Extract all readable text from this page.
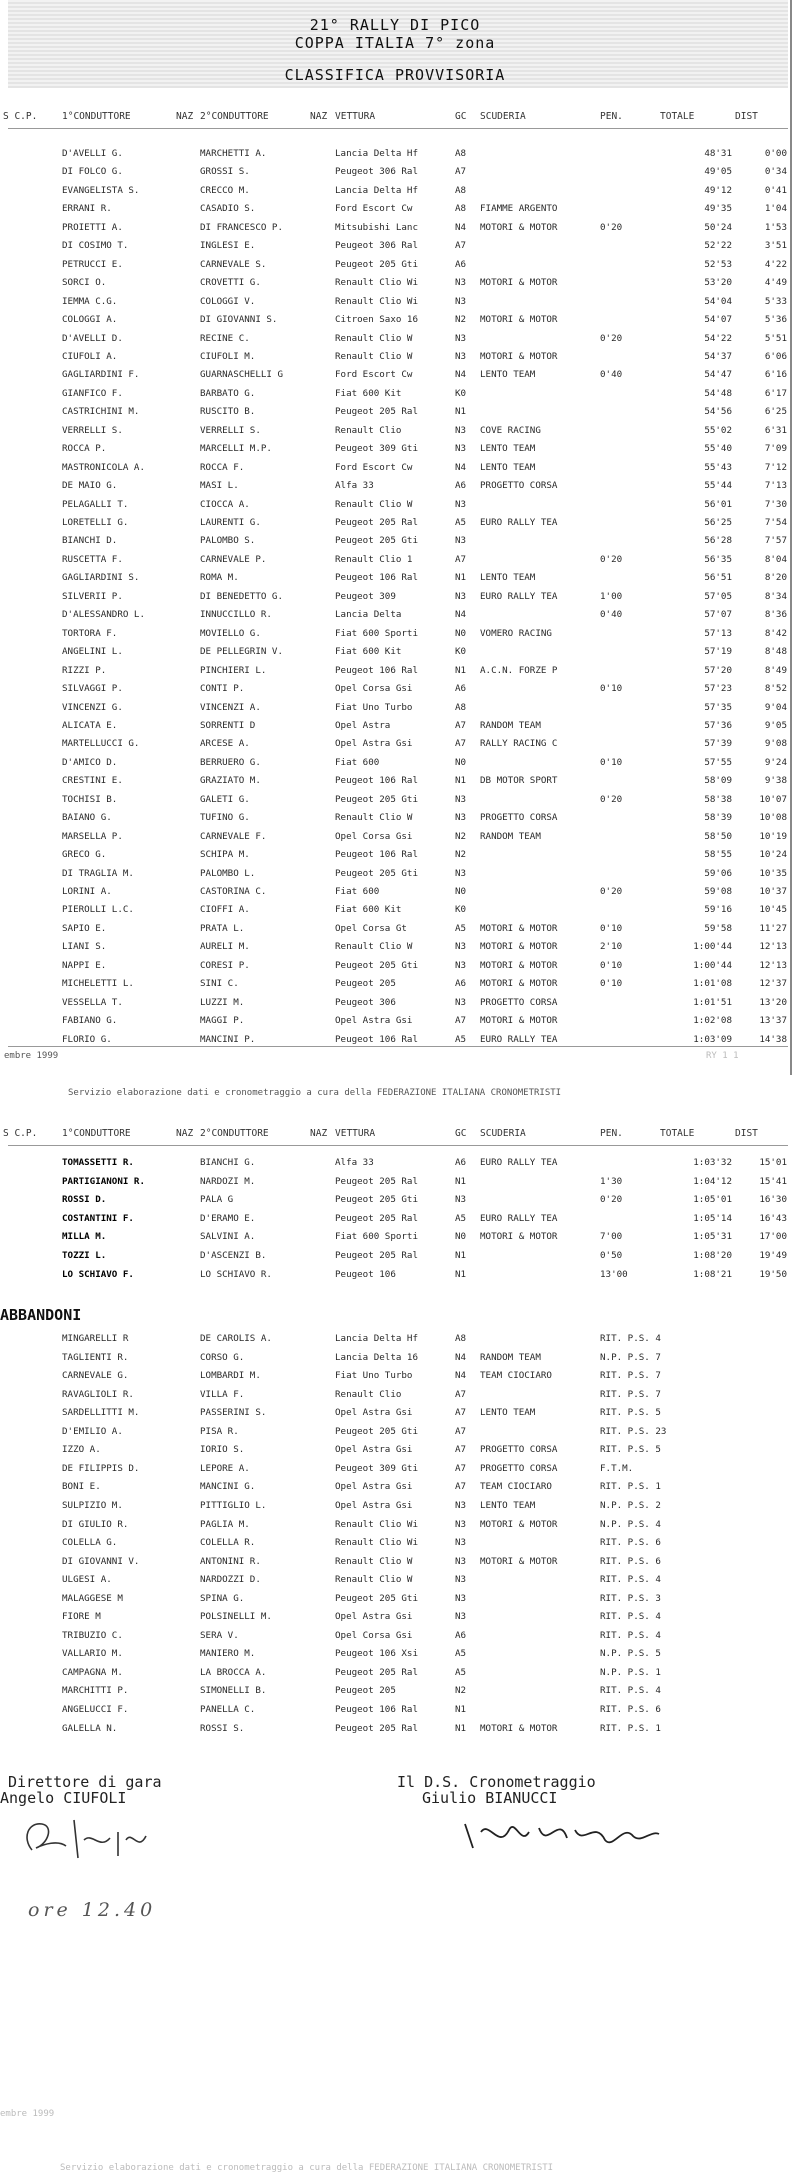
21° RALLY DI PICO
COPPA ITALIA 7° zona
CLASSIFICA PROVVISORIA
S C.P.	1°CONDUTTORE	NAZ 2°CONDUTTORE	NAZ VETTURA	GC SCUDERIA	PEN.	TOTALE	DIST
D'AVELLI G.	MARCHETTI A.	Lancia Delta Hf	A8	48'31	0'00
DI FOLCO G.	GROSSI S.	Peugeot 306 Ral	A7	49'05	0'34
EVANGELISTA S.	CRECCO M.	Lancia Delta Hf	A8	49'12	0'41
ERRANI R.	CASADIO S.	Ford Escort Cw	A8	FIAMME ARGENTO	49'35	1'04
PROIETTI A.	DI FRANCESCO P.	Mitsubishi Lanc	N4	MOTORI & MOTOR	0'20	50'24	1'53
DI COSIMO T.	INGLESI E.	Peugeot 306 Ral	A7	52'22	3'51
PETRUCCI E.	CARNEVALE S.	Peugeot 205 Gti	A6	52'53	4'22
SORCI O.	CROVETTI G.	Renault Clio Wi	N3	MOTORI & MOTOR	53'20	4'49
IEMMA C.G.	COLOGGI V.	Renault Clio Wi	N3	54'04	5'33
COLOGGI A.	DI GIOVANNI S.	Citroen Saxo 16	N2	MOTORI & MOTOR	54'07	5'36
D'AVELLI D.	RECINE C.	Renault Clio W	N3	0'20	54'22	5'51
CIUFOLI A.	CIUFOLI M.	Renault Clio W	N3	MOTORI & MOTOR	54'37	6'06
GAGLIARDINI F.	GUARNASCHELLI G	Ford Escort Cw	N4	LENTO TEAM	0'40	54'47	6'16
GIANFICO F.	BARBATO G.	Fiat 600 Kit	K0	54'48	6'17
CASTRICHINI M.	RUSCITO B.	Peugeot 205 Ral	N1	54'56	6'25
VERRELLI S.	VERRELLI S.	Renault Clio	N3	COVE RACING	55'02	6'31
ROCCA P.	MARCELLI M.P.	Peugeot 309 Gti	N3	LENTO TEAM	55'40	7'09
MASTRONICOLA A.	ROCCA F.	Ford Escort Cw	N4	LENTO TEAM	55'43	7'12
DE MAIO G.	MASI L.	Alfa 33	A6	PROGETTO CORSA	55'44	7'13
PELAGALLI T.	CIOCCA A.	Renault Clio W	N3	56'01	7'30
LORETELLI G.	LAURENTI G.	Peugeot 205 Ral	A5	EURO RALLY TEA	56'25	7'54
BIANCHI D.	PALOMBO S.	Peugeot 205 Gti	N3	56'28	7'57
RUSCETTA F.	CARNEVALE P.	Renault Clio 1	A7	0'20	56'35	8'04
GAGLIARDINI S.	ROMA M.	Peugeot 106 Ral	N1	LENTO TEAM	56'51	8'20
SILVERII P.	DI BENEDETTO G.	Peugeot 309	N3	EURO RALLY TEA	1'00	57'05	8'34
D'ALESSANDRO L.	INNUCCILLO R.	Lancia Delta	N4	0'40	57'07	8'36
TORTORA F.	MOVIELLO G.	Fiat 600 Sporti	N0	VOMERO RACING	57'13	8'42
ANGELINI L.	DE PELLEGRIN V.	Fiat 600 Kit	K0	57'19	8'48
RIZZI P.	PINCHIERI L.	Peugeot 106 Ral	N1	A.C.N. FORZE P	57'20	8'49
SILVAGGI P.	CONTI P.	Opel Corsa Gsi	A6	0'10	57'23	8'52
VINCENZI G.	VINCENZI A.	Fiat Uno Turbo	A8	57'35	9'04
ALICATA E.	SORRENTI D	Opel Astra	A7	RANDOM TEAM	57'36	9'05
MARTELLUCCI G.	ARCESE A.	Opel Astra Gsi	A7	RALLY RACING C	57'39	9'08
D'AMICO D.	BERRUERO G.	Fiat 600	N0	0'10	57'55	9'24
CRESTINI E.	GRAZIATO M.	Peugeot 106 Ral	N1	DB MOTOR SPORT	58'09	9'38
TOCHISI B.	GALETI G.	Peugeot 205 Gti	N3	0'20	58'38	10'07
BAIANO G.	TUFINO G.	Renault Clio W	N3	PROGETTO CORSA	58'39	10'08
MARSELLA P.	CARNEVALE F.	Opel Corsa Gsi	N2	RANDOM TEAM	58'50	10'19
GRECO G.	SCHIPA M.	Peugeot 106 Ral	N2	58'55	10'24
DI TRAGLIA M.	PALOMBO L.	Peugeot 205 Gti	N3	59'06	10'35
LORINI A.	CASTORINA C.	Fiat 600	N0	0'20	59'08	10'37
PIEROLLI L.C.	CIOFFI A.	Fiat 600 Kit	K0	59'16	10'45
SAPIO E.	PRATA L.	Opel Corsa Gt	A5	MOTORI & MOTOR	0'10	59'58	11'27
LIANI S.	AURELI M.	Renault Clio W	N3	MOTORI & MOTOR	2'10	1:00'44	12'13
NAPPI E.	CORESI P.	Peugeot 205 Gti	N3	MOTORI & MOTOR	0'10	1:00'44	12'13
MICHELETTI L.	SINI C.	Peugeot 205	A6	MOTORI & MOTOR	0'10	1:01'08	12'37
VESSELLA T.	LUZZI M.	Peugeot 306	N3	PROGETTO CORSA	1:01'51	13'20
FABIANO G.	MAGGI P.	Opel Astra Gsi	A7	MOTORI & MOTOR	1:02'08	13'37
FLORIO G.	MANCINI P.	Peugeot 106 Ral	A5	EURO RALLY TEA	1:03'09	14'38
embre 1999	RY 1 1
Servizio elaborazione dati e cronometraggio a cura della FEDERAZIONE ITALIANA CRONOMETRISTI
S C.P.	1°CONDUTTORE	NAZ 2°CONDUTTORE	NAZ VETTURA	GC SCUDERIA	PEN.	TOTALE	DIST
TOMASSETTI R.	BIANCHI G.	Alfa 33	A6	EURO RALLY TEA	1:03'32	15'01
PARTIGIANONI R.	NARDOZI M.	Peugeot 205 Ral	N1	1'30	1:04'12	15'41
ROSSI D.	PALA G	Peugeot 205 Gti	N3	0'20	1:05'01	16'30
COSTANTINI F.	D'ERAMO E.	Peugeot 205 Ral	A5	EURO RALLY TEA	1:05'14	16'43
MILLA M.	SALVINI A.	Fiat 600 Sporti	N0	MOTORI & MOTOR	7'00	1:05'31	17'00
TOZZI L.	D'ASCENZI B.	Peugeot 205 Ral	N1	0'50	1:08'20	19'49
LO SCHIAVO F.	LO SCHIAVO R.	Peugeot 106	N1	13'00	1:08'21	19'50
ABBANDONI
MINGARELLI R	DE CAROLIS A.	Lancia Delta Hf	A8	RIT. P.S. 4
TAGLIENTI R.	CORSO G.	Lancia Delta 16	N4	RANDOM TEAM	N.P. P.S. 7
CARNEVALE G.	LOMBARDI M.	Fiat Uno Turbo	N4	TEAM CIOCIARO	RIT. P.S. 7
RAVAGLIOLI R.	VILLA F.	Renault Clio	A7	RIT. P.S. 7
SARDELLITTI M.	PASSERINI S.	Opel Astra Gsi	A7	LENTO TEAM	RIT. P.S. 5
D'EMILIO A.	PISA R.	Peugeot 205 Gti	A7	RIT. P.S. 23
IZZO A.	IORIO S.	Opel Astra Gsi	A7	PROGETTO CORSA	RIT. P.S. 5
DE FILIPPIS D.	LEPORE A.	Peugeot 309 Gti	A7	PROGETTO CORSA	F.T.M.
BONI E.	MANCINI G.	Opel Astra Gsi	A7	TEAM CIOCIARO	RIT. P.S. 1
SULPIZIO M.	PITTIGLIO L.	Opel Astra Gsi	N3	LENTO TEAM	N.P. P.S. 2
DI GIULIO R.	PAGLIA M.	Renault Clio Wi	N3	MOTORI & MOTOR	N.P. P.S. 4
COLELLA G.	COLELLA R.	Renault Clio Wi	N3	RIT. P.S. 6
DI GIOVANNI V.	ANTONINI R.	Renault Clio W	N3	MOTORI & MOTOR	RIT. P.S. 6
ULGESI A.	NARDOZZI D.	Renault Clio W	N3	RIT. P.S. 4
MALAGGESE M	SPINA G.	Peugeot 205 Gti	N3	RIT. P.S. 3
FIORE M	POLSINELLI M.	Opel Astra Gsi	N3	RIT. P.S. 4
TRIBUZIO C.	SERA V.	Opel Corsa Gsi	A6	RIT. P.S. 4
VALLARIO M.	MANIERO M.	Peugeot 106 Xsi	A5	N.P. P.S. 5
CAMPAGNA M.	LA BROCCA A.	Peugeot 205 Ral	A5	N.P. P.S. 1
MARCHITTI P.	SIMONELLI B.	Peugeot 205	N2	RIT. P.S. 4
ANGELUCCI F.	PANELLA C.	Peugeot 106 Ral	N1	RIT. P.S. 6
GALELLA N.	ROSSI S.	Peugeot 205 Ral	N1	MOTORI & MOTOR	RIT. P.S. 1
Direttore di gara
Angelo CIUFOLI
Il D.S. Cronometraggio
Giulio BIANUCCI
ore 12.40
embre 1999
Servizio elaborazione dati e cronometraggio a cura della FEDERAZIONE ITALIANA CRONOMETRISTI
